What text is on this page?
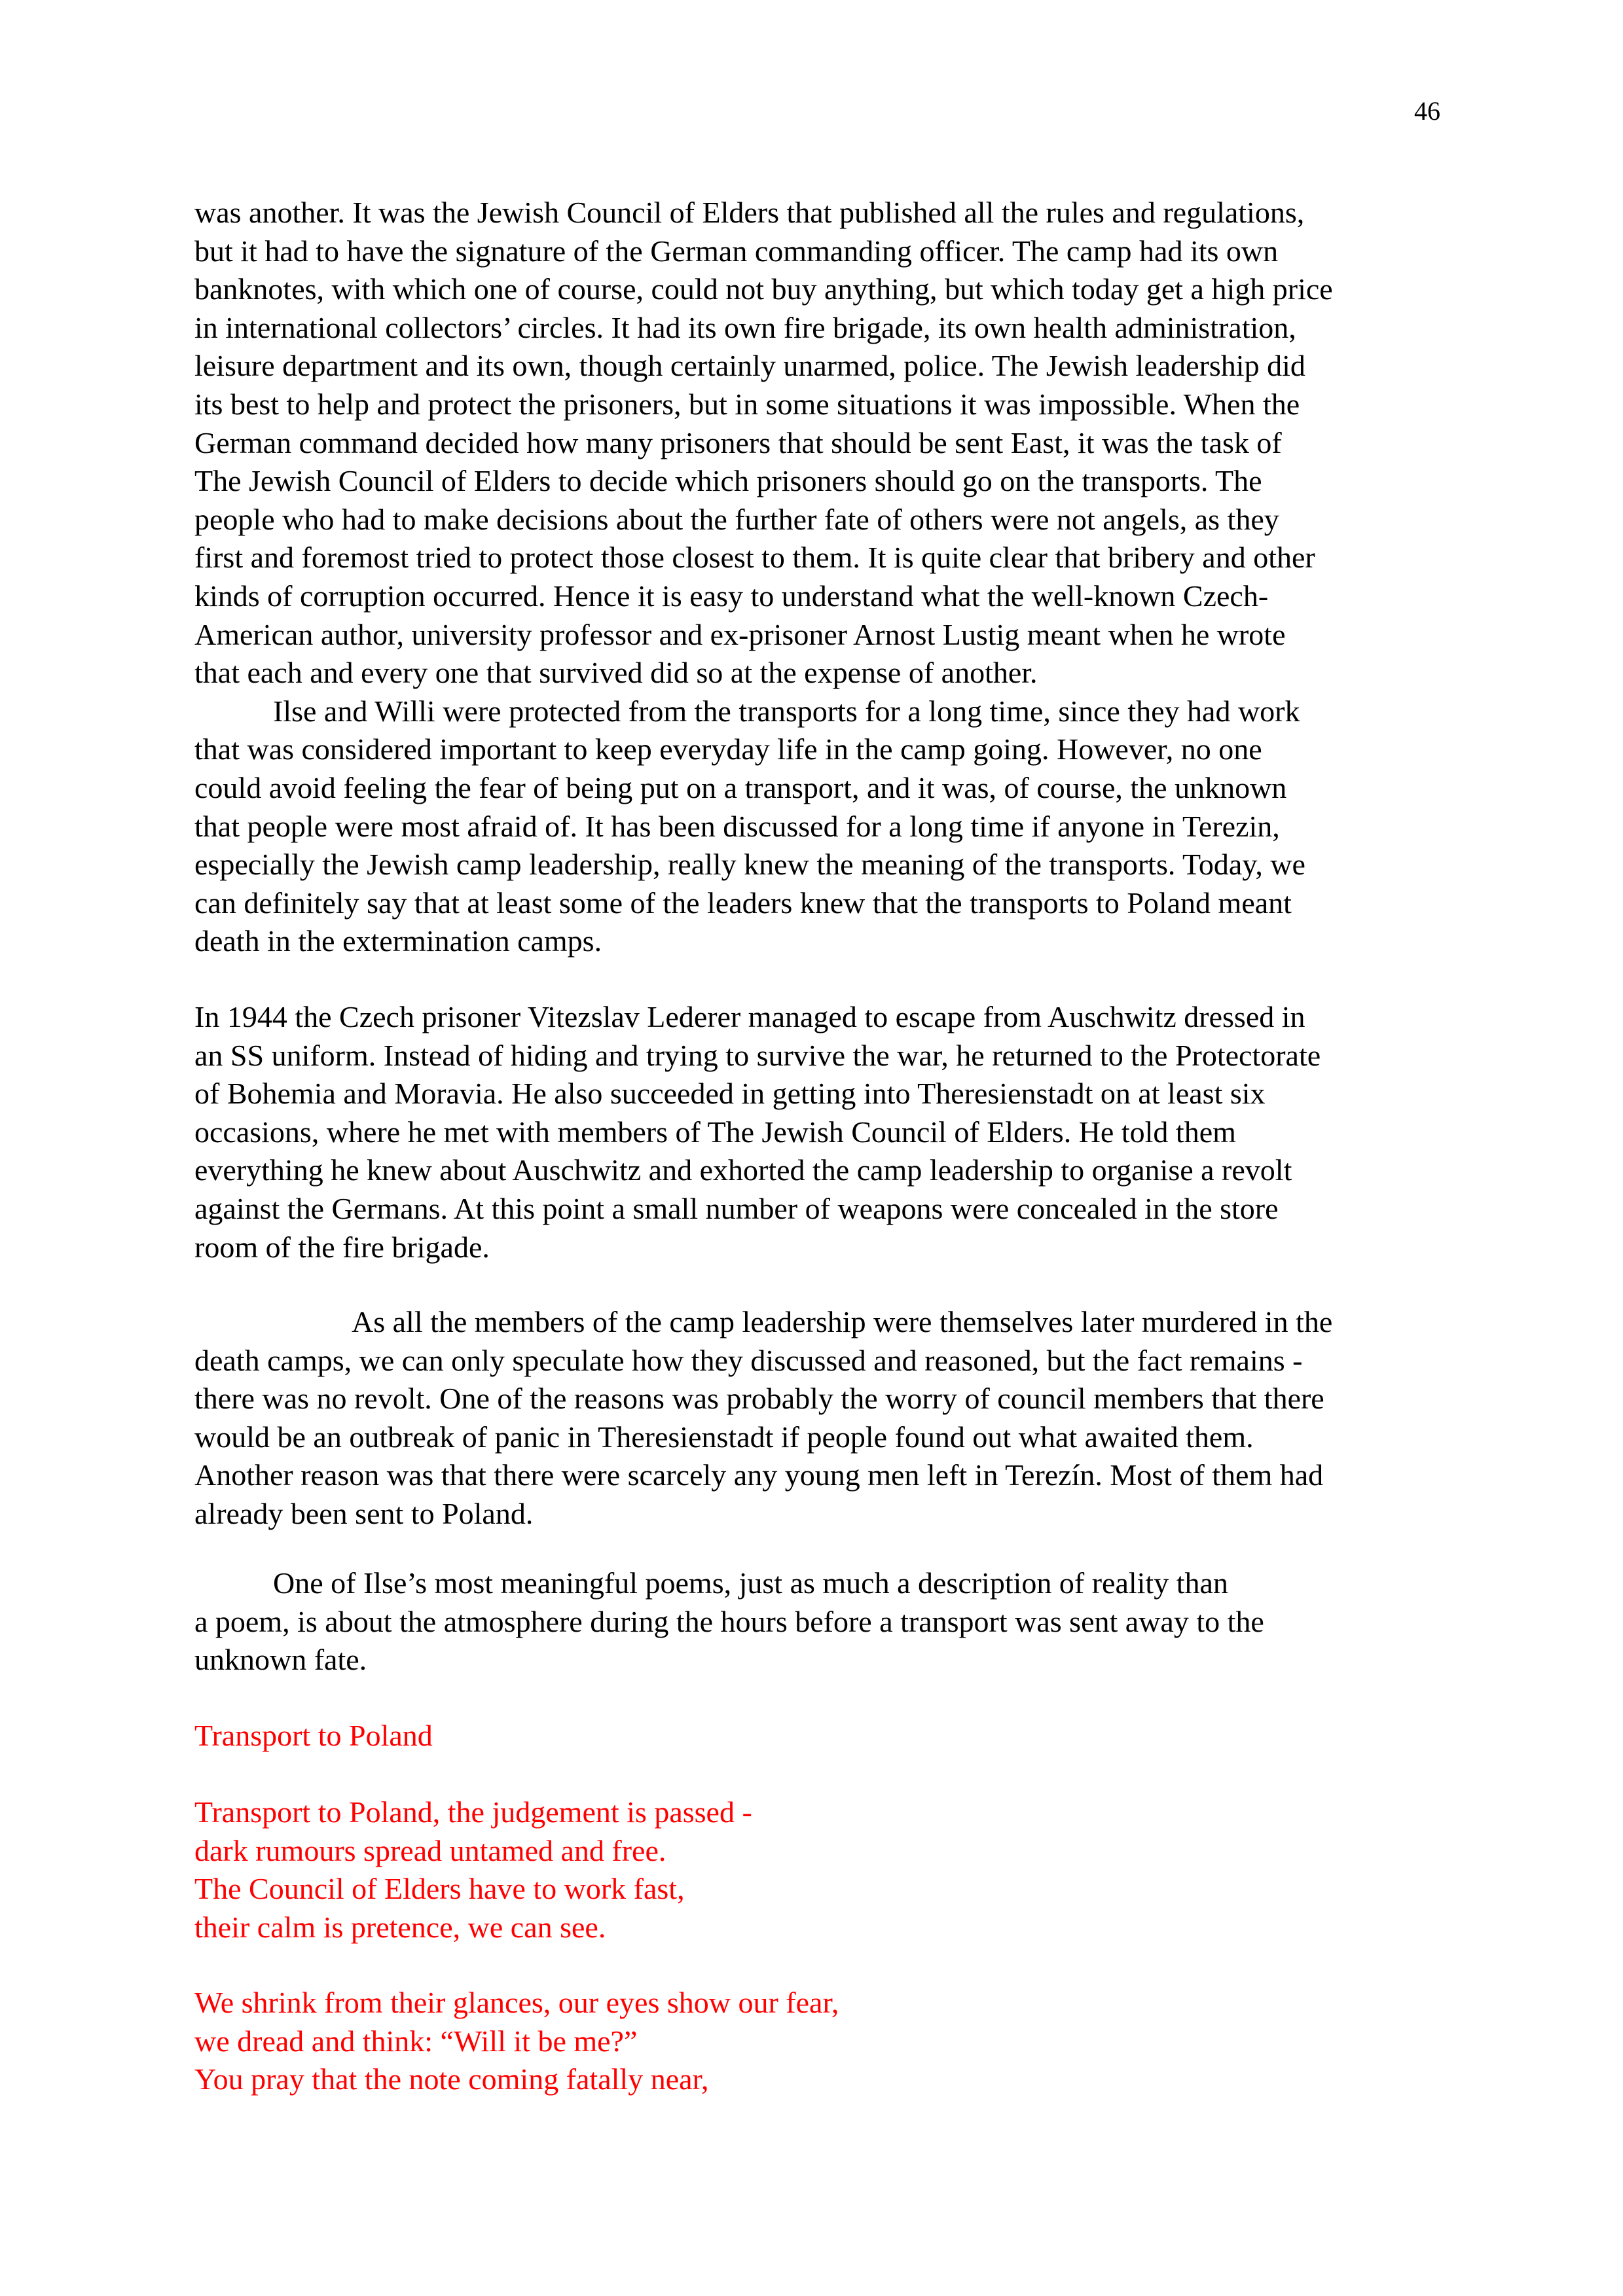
46
was another. It was the Jewish Council of Elders that published all the rules and regulations,
but it had to have the signature of the German commanding officer. The camp had its own
banknotes, with which one of course, could not buy anything, but which today get a high price
in international collectors’ circles. It had its own fire brigade, its own health administration,
leisure department and its own, though certainly unarmed, police. The Jewish leadership did
its best to help and protect the prisoners, but in some situations it was impossible. When the
German command decided how many prisoners that should be sent East, it was the task of
The Jewish Council of Elders to decide which prisoners should go on the transports. The
people who had to make decisions about the further fate of others were not angels, as they
first and foremost tried to protect those closest to them. It is quite clear that bribery and other
kinds of corruption occurred. Hence it is easy to understand what the well-known Czech-
American author, university professor and ex-prisoner Arnost Lustig meant when he wrote
that each and every one that survived did so at the expense of another.
Ilse and Willi were protected from the transports for a long time, since they had work
that was considered important to keep everyday life in the camp going. However, no one
could avoid feeling the fear of being put on a transport, and it was, of course, the unknown
that people were most afraid of. It has been discussed for a long time if anyone in Terezin,
especially the Jewish camp leadership, really knew the meaning of the transports. Today, we
can definitely say that at least some of the leaders knew that the transports to Poland meant
death in the extermination camps.
In 1944 the Czech prisoner Vitezslav Lederer managed to escape from Auschwitz dressed in
an SS uniform. Instead of hiding and trying to survive the war, he returned to the Protectorate
of Bohemia and Moravia. He also succeeded in getting into Theresienstadt on at least six
occasions, where he met with members of The Jewish Council of Elders. He told them
everything he knew about Auschwitz and exhorted the camp leadership to organise a revolt
against the Germans. At this point a small number of weapons were concealed in the store
room of the fire brigade.
As all the members of the camp leadership were themselves later murdered in the
death camps, we can only speculate how they discussed and reasoned, but the fact remains -
there was no revolt. One of the reasons was probably the worry of council members that there
would be an outbreak of panic in Theresienstadt if people found out what awaited them.
Another reason was that there were scarcely any young men left in Terezín. Most of them had
already been sent to Poland.
One of Ilse’s most meaningful poems, just as much a description of reality than
a poem, is about the atmosphere during the hours before a transport was sent away to the
unknown fate.
Transport to Poland
Transport to Poland, the judgement is passed -
dark rumours spread untamed and free.
The Council of Elders have to work fast,
their calm is pretence, we can see.
We shrink from their glances, our eyes show our fear,
we dread and think: “Will it be me?”
You pray that the note coming fatally near,
